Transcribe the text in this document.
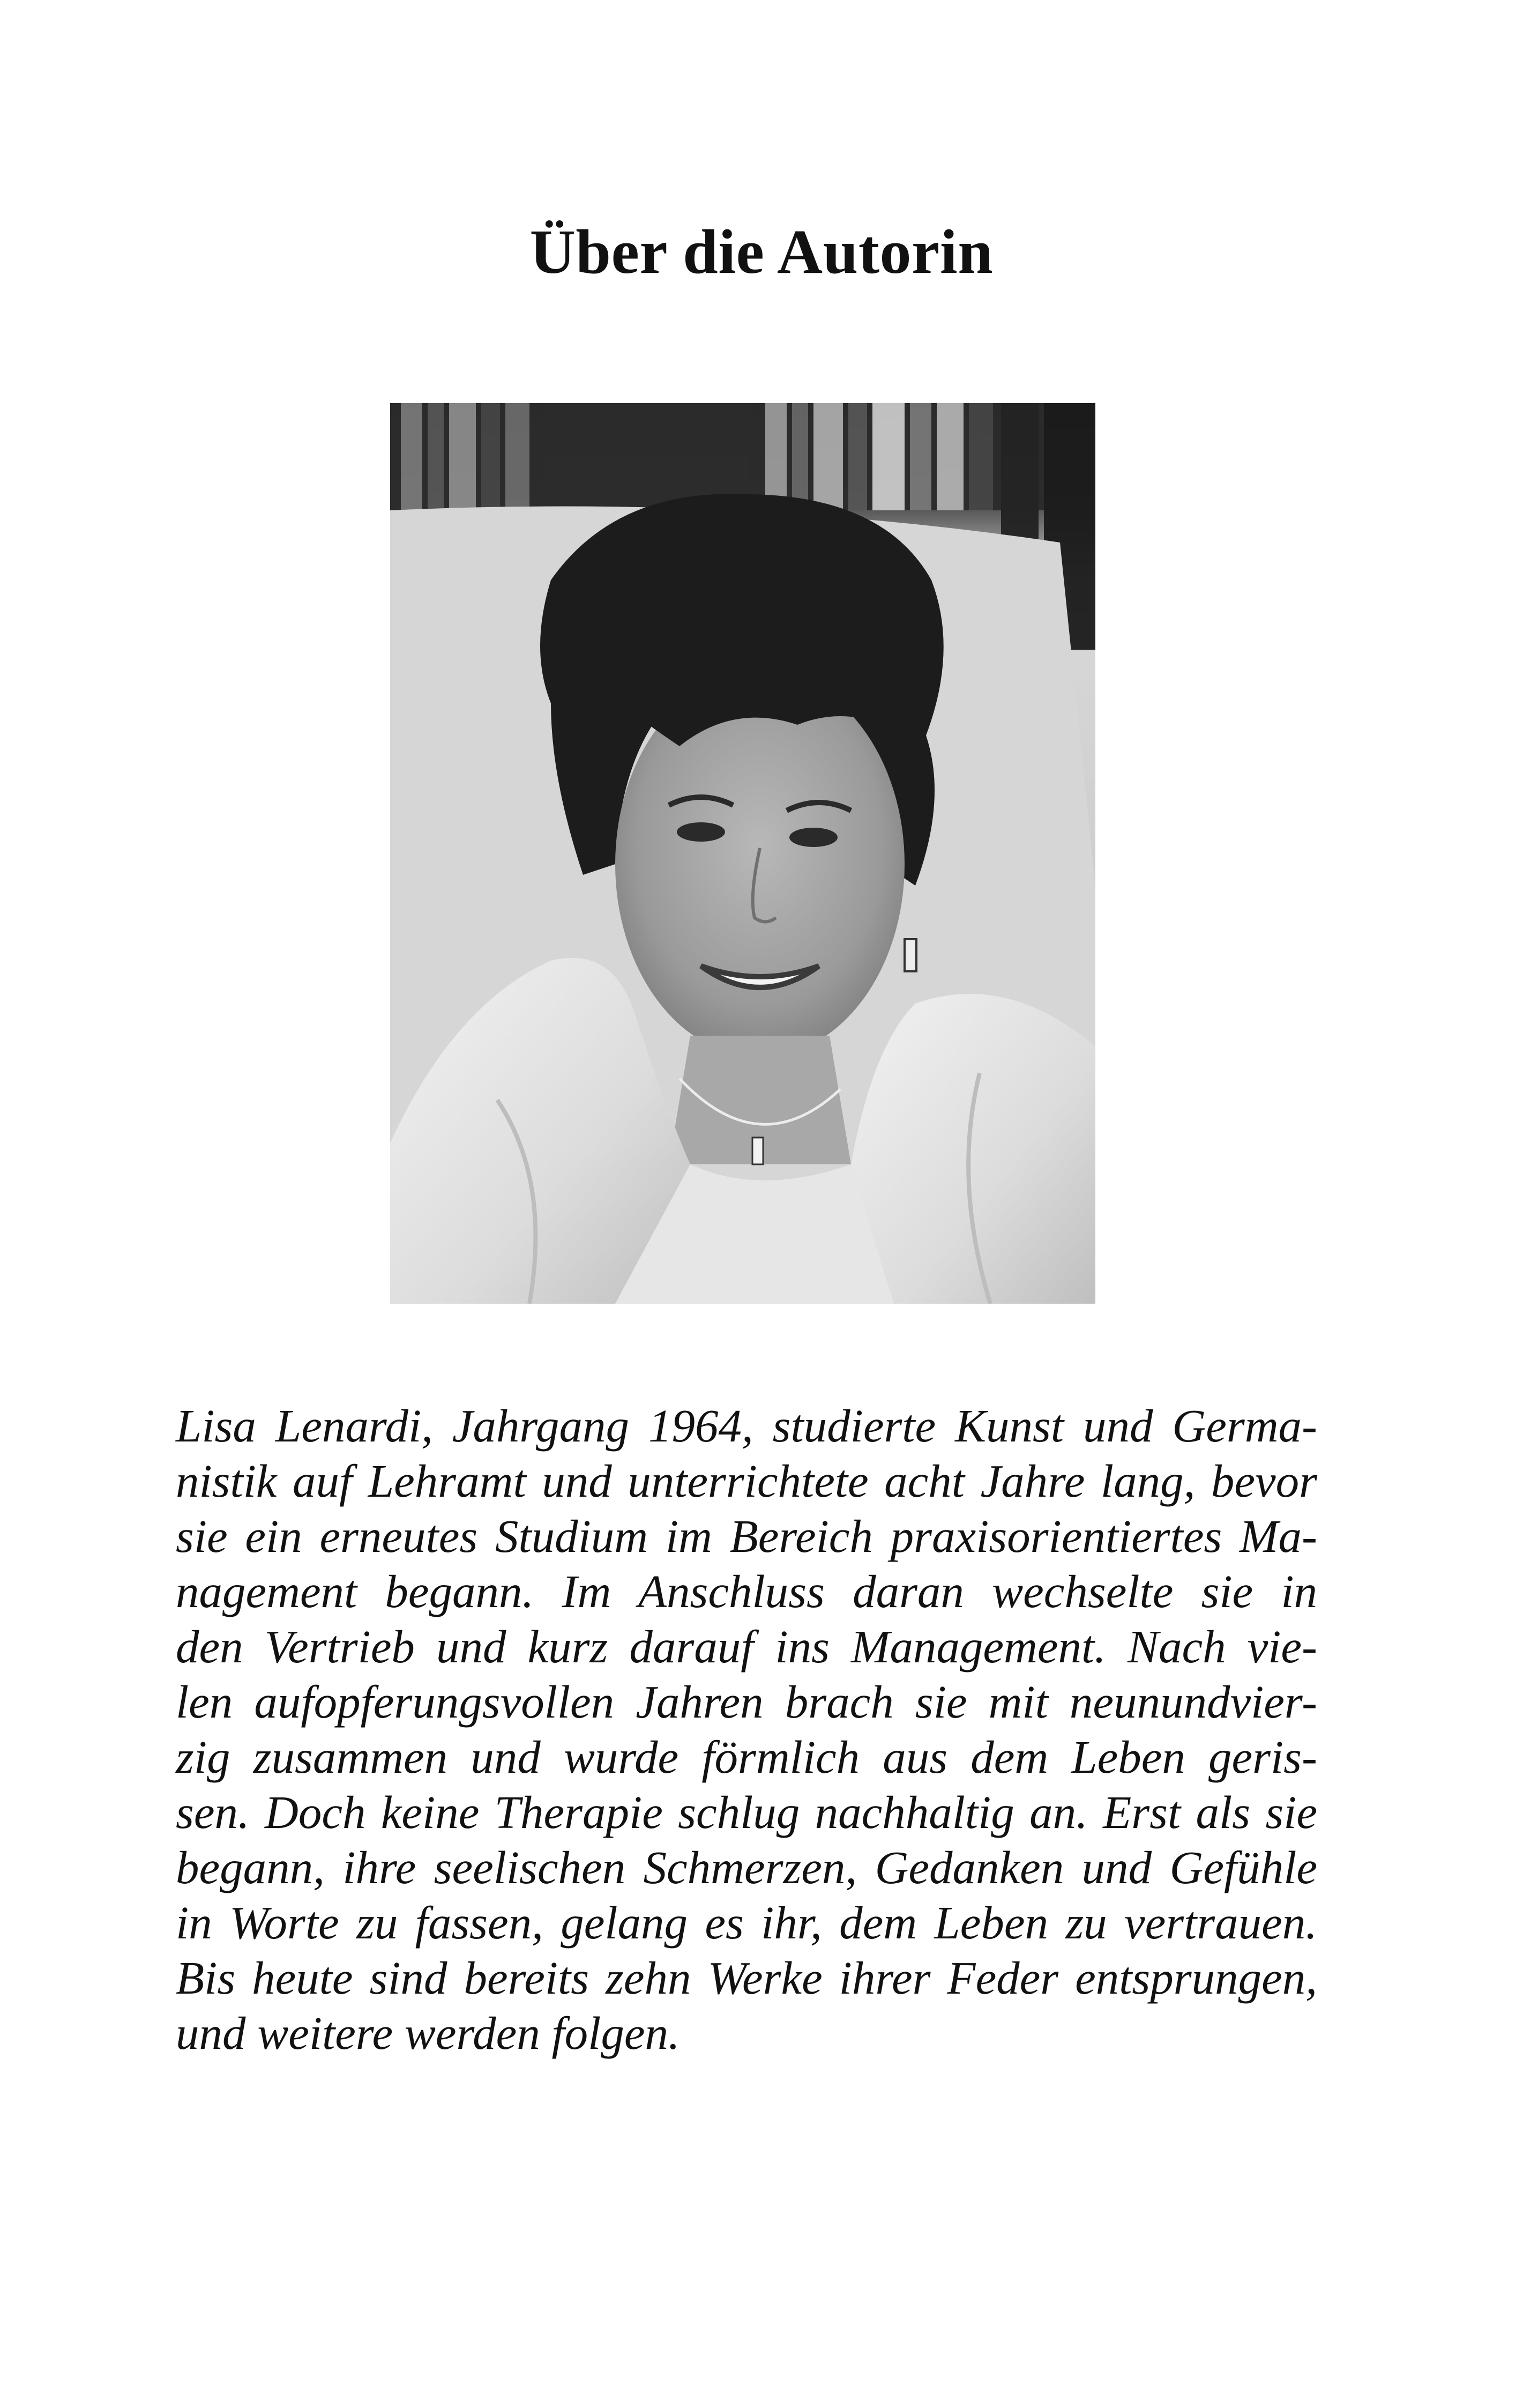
Über die Autorin
Lisa Lenardi, Jahrgang 1964, studierte Kunst und Germa-
nistik auf Lehramt und unterrichtete acht Jahre lang, bevor
sie ein erneutes Studium im Bereich praxisorientiertes Ma-
nagement begann. Im Anschluss daran wechselte sie in
den Vertrieb und kurz darauf ins Management. Nach vie-
len aufopferungsvollen Jahren brach sie mit neunundvier-
zig zusammen und wurde förmlich aus dem Leben geris-
sen. Doch keine Therapie schlug nachhaltig an. Erst als sie
begann, ihre seelischen Schmerzen, Gedanken und Gefühle
in Worte zu fassen, gelang es ihr, dem Leben zu vertrauen.
Bis heute sind bereits zehn Werke ihrer Feder entsprungen,
und weitere werden folgen.
